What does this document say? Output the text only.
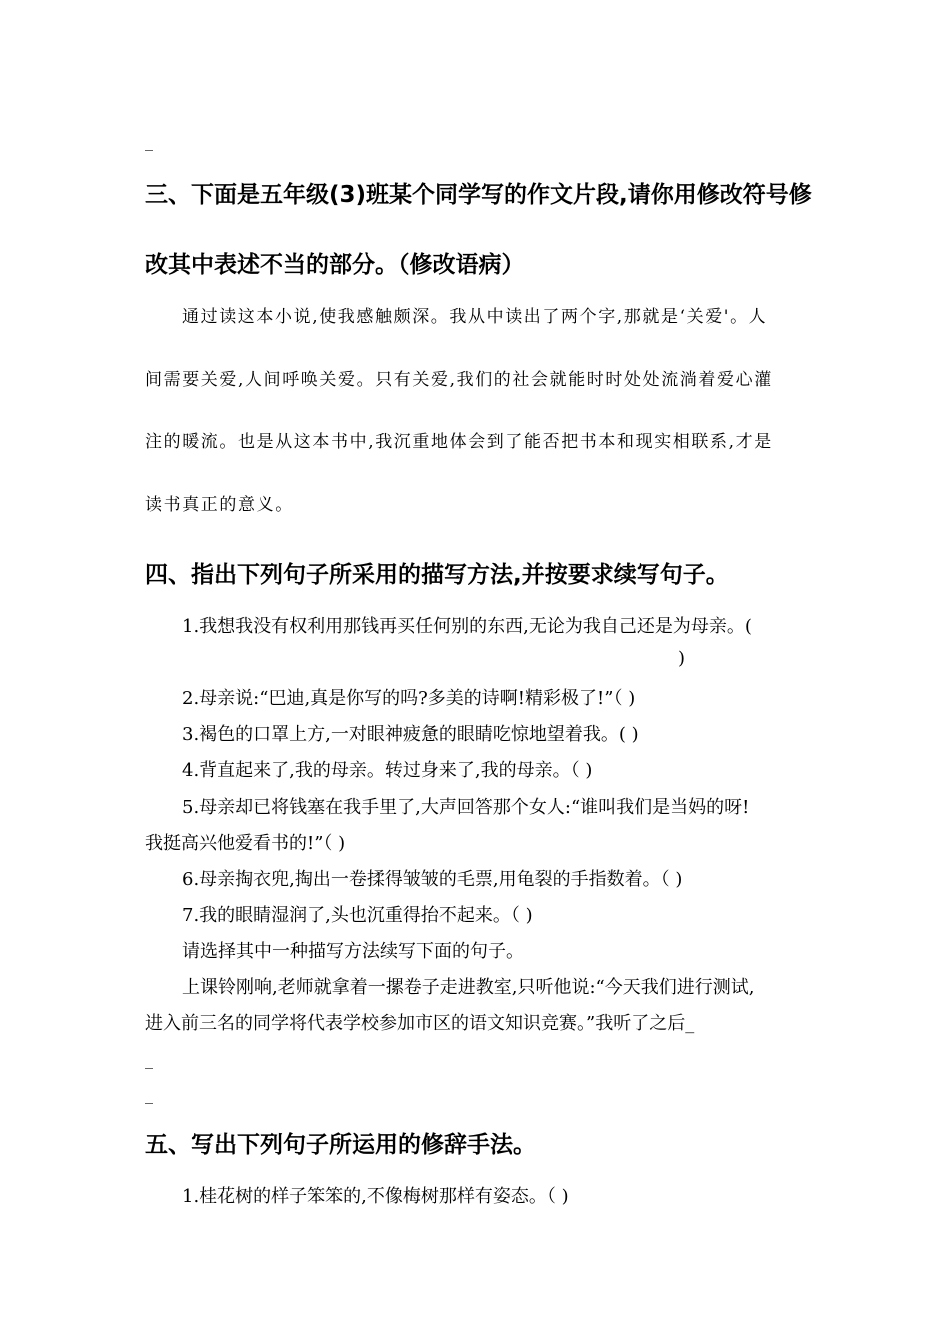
_
三、下面是五年级(3)班某个同学写的作文片段,请你用修改符号修
改其中表述不当的部分。（修改语病）
通过读这本小说,使我感触颇深。我从中读出了两个字,那就是‘关爱'。人
间需要关爱,人间呼唤关爱。只有关爱,我们的社会就能时时处处流淌着爱心灌
注的暖流。也是从这本书中,我沉重地体会到了能否把书本和现实相联系,才是
读书真正的意义。
四、指出下列句子所采用的描写方法,并按要求续写句子。
1.我想我没有权利用那钱再买任何别的东西,无论为我自己还是为母亲。(
)
2.母亲说:“巴迪,真是你写的吗?多美的诗啊!精彩极了!”（ )
3.褐色的口罩上方,一对眼神疲惫的眼睛吃惊地望着我。( )
4.背直起来了,我的母亲。转过身来了,我的母亲。（ )
5.母亲却已将钱塞在我手里了,大声回答那个女人:“谁叫我们是当妈的呀!
我挺高兴他爱看书的!”（ )
6.母亲掏衣兜,掏出一卷揉得皱皱的毛票,用龟裂的手指数着。（ )
7.我的眼睛湿润了,头也沉重得抬不起来。（ )
请选择其中一种描写方法续写下面的句子。
上课铃刚响,老师就拿着一摞卷子走进教室,只听他说:“今天我们进行测试,
进入前三名的同学将代表学校参加市区的语文知识竞赛。”我听了之后_
_
_
五、写出下列句子所运用的修辞手法。
1.桂花树的样子笨笨的,不像梅树那样有姿态。（ )
